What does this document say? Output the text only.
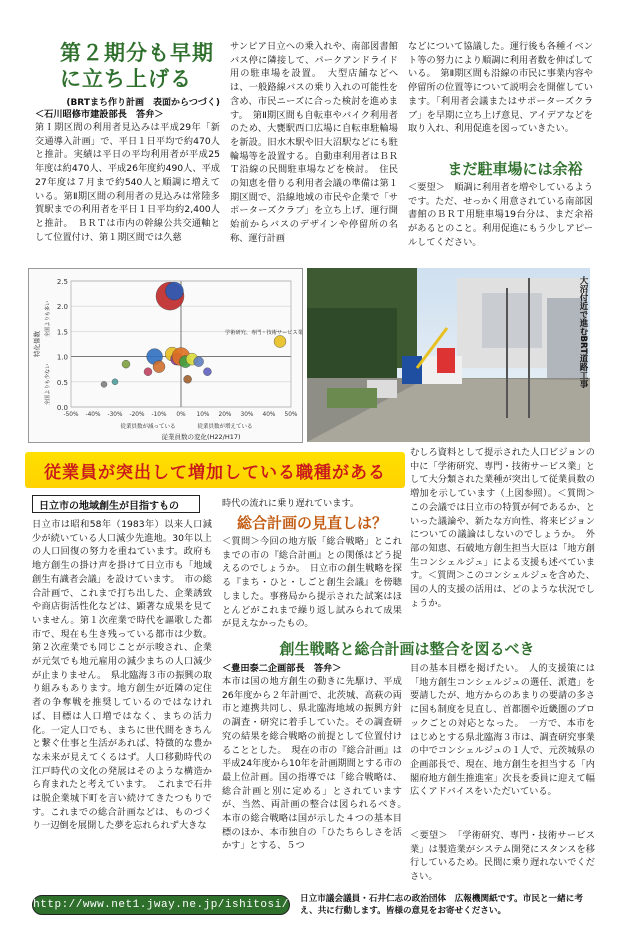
第２期分も早期
に立ち上げる
(BRTまち作り計画　表面からつづく)
＜石川昭修市建設部長　答弁＞
第Ｉ期区間の利用者見込みは平成29年「新交通導入計画」で、平日１日平均で約470人と推計。実績は平日の平均利用者が平成25年度は約470人、平成26年度約490人、平成27年度は７月まで約540人と順調に増えている。第Ⅱ期区間の利用者の見込みは常陸多賀駅までの利用者を平日１日平均約2,400人と推計。　ＢＲＴは市内の幹線公共交通軸として位置付け、第１期区間では久慈
サンピア日立への乗入れや、南部図書館バス停に隣接して、パークアンドライド用の駐車場を設置。　大型店舗などへは、一般路線バスの乗り入れの可能性を含め、市民ニーズに合った検討を進めます。　第Ⅱ期区間も自転車やバイク利用者のため、大甕駅西口広場に自転車駐輪場を新設。旧水木駅や旧大沼駅などにも駐輪場等を設置する。自動車利用者はＢＲＴ沿線の民間駐車場などを検討。　住民の知恵を借りる利用者会議の準備は第１期区間で、沿線地域の市民や企業で「サポーターズクラブ」を立ち上げ、運行開始前からバスのデザインや停留所の名称、運行計画
などについて協議した。運行後も各種イベント等の努力により順調に利用者数を伸ばしている。　第Ⅱ期区間も沿線の市民に事業内容や停留所の位置等について説明会を開催しています。「利用者会議またはサポーターズクラブ」を早期に立ち上げ意見、アイデアなどを取り入れ、利用促進を図っていきたい。
まだ駐車場には余裕
＜要望＞　順調に利用者を増やしているようです。ただ、せっかく用意されている南部図書館のＢＲＴ用駐車場19台分は、まだ余裕があるとのこと。利用促進にもう少しアピールしてください。
0.0
0.5
1.0
1.5
2.0
2.5
-50% -40% -30% -20% -10% 0% 10% 20% 30% 40% 50%
学術研究、専門・技術サービス業
従業員数の変化(H22/H17)
従業員数が減っている	従業員数が増えている
特化係数
全国よりも多い
全国よりも少ない	大沼付近で進むBRT道路工事
従業員が突出して増加している職種がある
日立市の地域創生が目指すもの
日立市は昭和58年（1983年）以来人口減少が続いている人口減少先進地。30年以上の人口回復の努力を重ねています。政府も地方創生の掛け声を掛けて日立市も「地域創生有識者会議」を設けています。　市の総合計画で、これまで打ち出した、企業誘致や商店街活性化などは、顕著な成果を見ていません。第１次産業で時代を謳歌した都市で、現在も生き残っている都市は少数。第２次産業でも同じことが示唆され、企業が元気でも地元雇用の減少まちの人口減少が止まりません。　県北臨海３市の振興の取り組みもあります。地方創生が近隣の定住者の争奪戦を推奨しているのではなければ、目標は人口増ではなく、まちの活力化。一定人口でも、まちに世代間をきちんと繋ぐ仕事と生活があれば、特徴的な豊かな未来が見えてくるはず。人口移動時代の江戸時代の文化の発展はそのような構造から育まれたと考えています。　これまで石井は脱企業城下町を言い続けてきたつもりです。これまでの総合計画などは、ものづくり一辺倒を展開した夢を忘れられず大きな
時代の流れに乗り遅れています。
総合計画の見直しは？
＜質問＞今回の地方版「総合戦略」とこれまでの市の『総合計画』との関係はどう捉えるのでしょうか。　日立市の創生戦略を探る『まち・ひと・しごと創生会議』を傍聴しました。事務局から提示された試案はほとんどがこれまで繰り返し試みられて成果が見えなかったもの。
むしろ資料として提示された人口ビジョンの中に「学術研究、専門・技術サービス業」として大分類された業種が突出して従業員数の増加を示しています（上図参照）。＜質問＞この会議では日立市の特質が何であるか、といった議論や、新たな方向性、将来ビジョンについての議論はしないのでしょうか。　外部の知恵、石破地方創生担当大臣は「地方創生コンシェルジュ」による支援も述べています。＜質問＞このコンシェルジュを含めた、国の人的支援の活用は、どのような状況でしょうか。
創生戦略と総合計画は整合を図るべき
＜豊田泰二企画部長　答弁＞
本市は国の地方創生の動きに先駆け、平成26年度から２年計画で、北茨城、高萩の両市と連携共同し、県北臨海地域の振興方針の調査・研究に着手していた。その調査研究の結果を総合戦略の前提として位置付けることとした。　現在の市の『総合計画』は平成24年度から10年を計画期間とする市の最上位計画。国の指導では「総合戦略は、総合計画と別に定める」とされていますが、当然、両計画の整合は図られるべき。　本市の総合戦略は国が示した４つの基本目標のほか、本市独自の「ひたちらしさを活かす」とする、５つ
目の基本目標を掲げたい。　人的支援策には「地方創生コンシェルジュの選任、派遣」を要請したが、地方からのあまりの要請の多さに国も制度を見直し、首都圏や近畿圏のブロックごとの対応となった。　一方で、本市をはじめとする県北臨海３市は、調査研究事業の中でコンシェルジュの１人で、元茨城県の企画部長で、現在、地方創生を担当する「内閣府地方創生推進室」次長を委員に迎えて幅広くアドバイスをいただいている。
＜要望＞　「学術研究、専門・技術サービス業」は製造業がシステム開発にスタンスを移行しているため。民間に乗り遅れないでください。
http://www.net1.jway.ne.jp/ishitosi/ 日立市議会議員・石井仁志の政治団体　広報機関紙です。市民と一緒に考え、共に行動します。皆様の意見をお寄せください。
